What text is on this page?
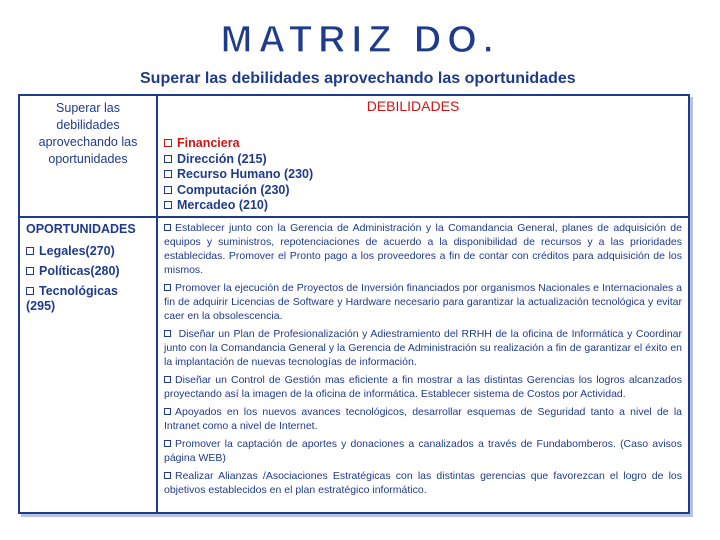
MATRIZ DO.
Superar las debilidades aprovechando las oportunidades
Superar las debilidades aprovechando las oportunidades
DEBILIDADES
Financiera
Dirección (215)
Recurso Humano (230)
Computación (230)
Mercadeo (210)
OPORTUNIDADES
Legales(270)
Políticas(280)
Tecnológicas (295)
Establecer junto con la Gerencia de Administración y la Comandancia General, planes de adquisición de equipos y suministros, repotenciaciones de acuerdo a la disponibilidad de recursos y a las prioridades establecidas. Promover el Pronto pago a los proveedores a fin de contar con créditos para adquisición de los mismos.
Promover la ejecución de Proyectos de Inversión financiados por organismos Nacionales e Internacionales a fin de adquirir Licencias de Software y Hardware necesario para garantizar la actualización tecnológica y evitar caer en la obsolescencia.
Diseñar un Plan de Profesionalización y Adiestramiento del RRHH de la oficina de Informática y Coordinar junto con la Comandancia General y la Gerencia de Administración su realización a fin de garantizar el éxito en la implantación de nuevas tecnologías de información.
Diseñar un Control de Gestión mas eficiente a fin mostrar a las distintas Gerencias los logros alcanzados proyectando así la imagen de la oficina de informática. Establecer sistema de Costos por Actividad.
Apoyados en los nuevos avances tecnológicos, desarrollar esquemas de Seguridad tanto a nivel de la Intranet como a nivel de Internet.
Promover la captación de aportes y donaciones a canalizados a través de Fundabomberos. (Caso avisos página WEB)
Realizar Alianzas /Asociaciones Estratégicas con las distintas gerencias que favorezcan el logro de los objetivos establecidos en el plan estratégico informático.
